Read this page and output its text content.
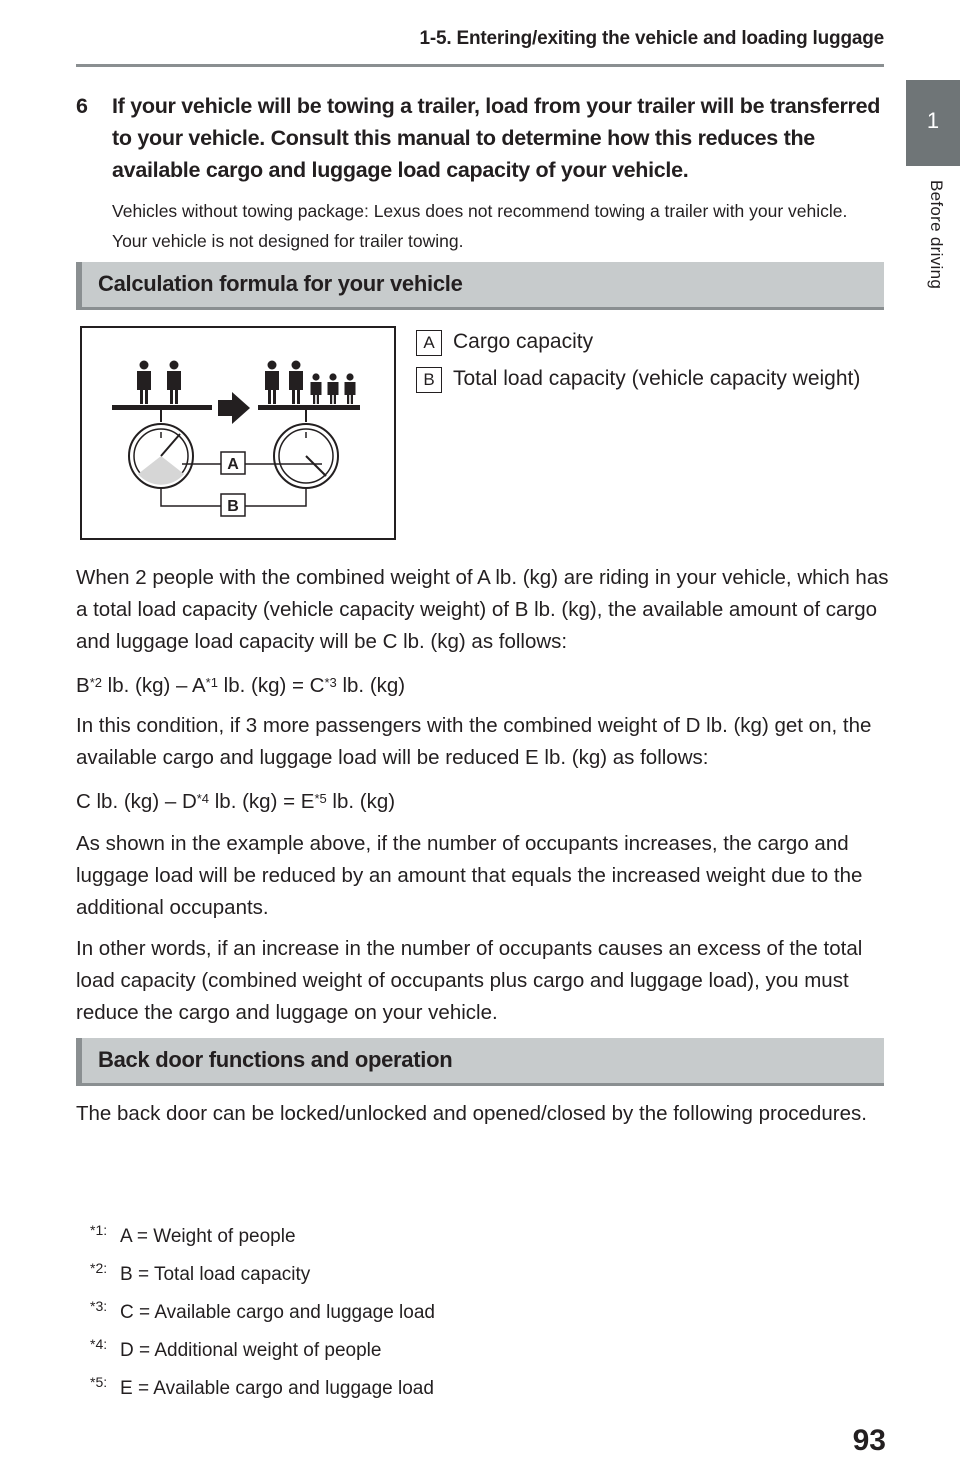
1-5. Entering/exiting the vehicle and loading luggage
1
Before driving
6 If your vehicle will be towing a trailer, load from your trailer will be transferred to your vehicle. Consult this manual to determine how this reduces the available cargo and luggage load capacity of your vehicle.
Vehicles without towing package: Lexus does not recommend towing a trailer with your vehicle. Your vehicle is not designed for trailer towing.
Calculation formula for your vehicle
A
B
A Cargo capacity
B Total load capacity (vehicle capacity weight)
When 2 people with the combined weight of A lb. (kg) are riding in your vehicle, which has a total load capacity (vehicle capacity weight) of B lb. (kg), the available amount of cargo and luggage load capacity will be C lb. (kg) as follows:
$B^{*2}$ lb. $(kg) - A^{*1}$ lb. $(kg) = C^{*3}$ lb. (kg)
In this condition, if 3 more passengers with the combined weight of D lb. (kg) get on, the available cargo and luggage load will be reduced E lb. (kg) as follows:
C lb. $(kg) - D^{*4}$ lb. $(kg) = E^{*5}$ lb. (kg)
As shown in the example above, if the number of occupants increases, the cargo and luggage load will be reduced by an amount that equals the increased weight due to the additional occupants.
In other words, if an increase in the number of occupants causes an excess of the total load capacity (combined weight of occupants plus cargo and luggage load), you must reduce the cargo and luggage on your vehicle.
Back door functions and operation
The back door can be locked/unlocked and opened/closed by the following procedures.
*1: A = Weight of people
*2: B = Total load capacity
*3: C = Available cargo and luggage load
*4: D = Additional weight of people
*5: E = Available cargo and luggage load
93
